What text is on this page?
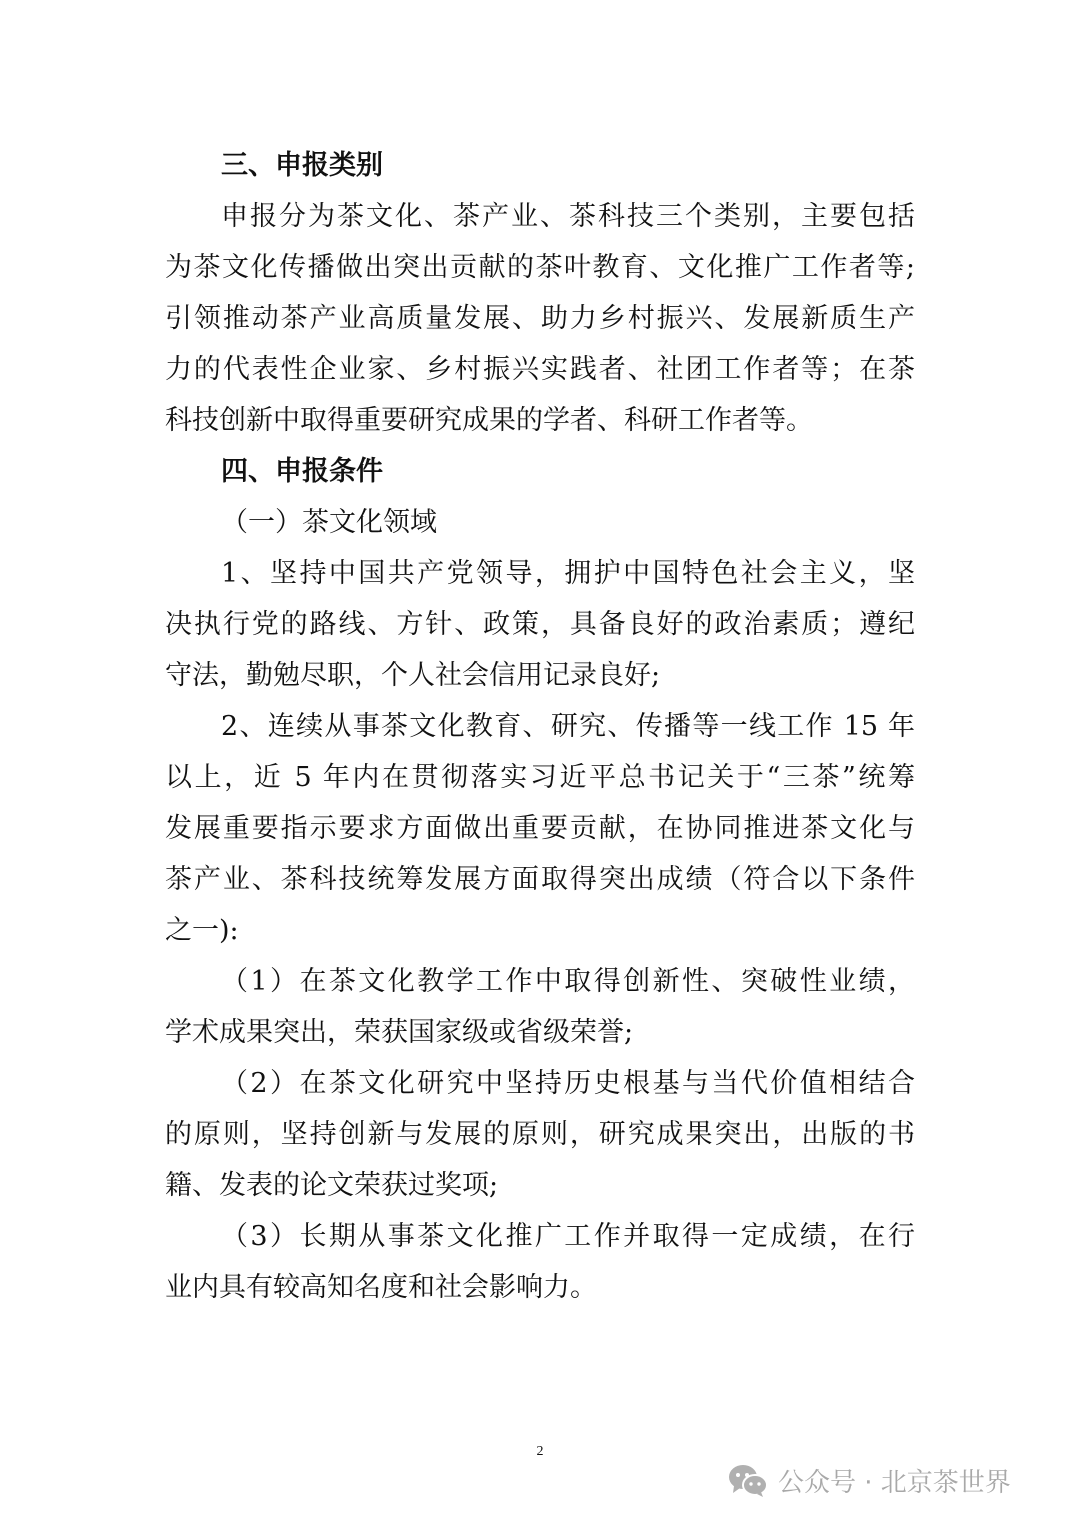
三、申报类别
申报分为茶文化、茶产业、茶科技三个类别，主要包括
为茶文化传播做出突出贡献的茶叶教育、文化推广工作者等;
引领推动茶产业高质量发展、助力乡村振兴、发展新质生产
力的代表性企业家、乡村振兴实践者、社团工作者等；在茶
科技创新中取得重要研究成果的学者、科研工作者等。
四、申报条件
（一）茶文化领域
1、坚持中国共产党领导，拥护中国特色社会主义，坚
决执行党的路线、方针、政策，具备良好的政治素质；遵纪
守法，勤勉尽职，个人社会信用记录良好;
2、连续从事茶文化教育、研究、传播等一线工作 15 年
以上，近 5 年内在贯彻落实习近平总书记关于“三茶”统筹
发展重要指示要求方面做出重要贡献，在协同推进茶文化与
茶产业、茶科技统筹发展方面取得突出成绩（符合以下条件
之一):
（1）在茶文化教学工作中取得创新性、突破性业绩，
学术成果突出，荣获国家级或省级荣誉;
（2）在茶文化研究中坚持历史根基与当代价值相结合
的原则，坚持创新与发展的原则，研究成果突出，出版的书
籍、发表的论文荣获过奖项;
（3）长期从事茶文化推广工作并取得一定成绩，在行
业内具有较高知名度和社会影响力。
2
公众号 · 北京茶世界
